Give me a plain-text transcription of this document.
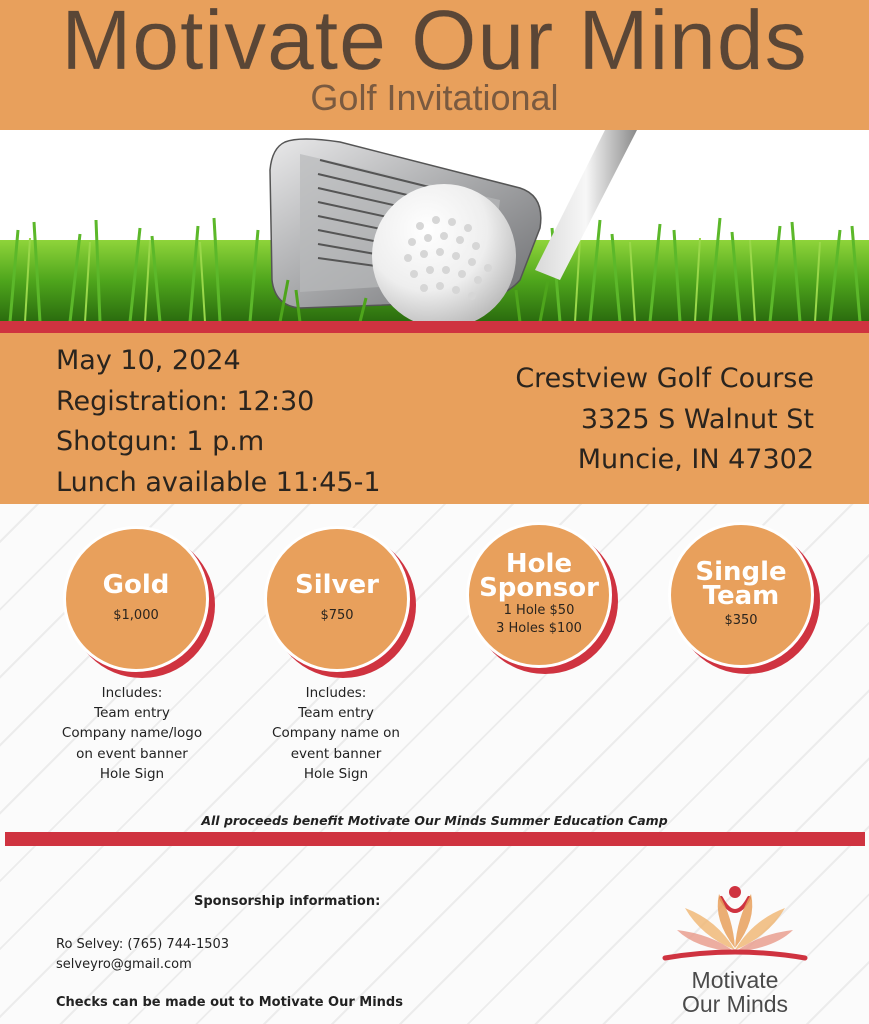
Motivate Our Minds
Golf Invitational
May 10, 2024
Registration: 12:30
Shotgun: 1 p.m
Lunch available 11:45-1
Crestview Golf Course
3325 S Walnut St
Muncie, IN 47302
Gold
$1,000
Silver
$750
Hole
Sponsor
1 Hole $50
3 Holes $100
Single
Team
$350
Includes:
Team entry
Company name/logo
on event banner
Hole Sign
Includes:
Team entry
Company name on
event banner
Hole Sign
All proceeds benefit Motivate Our Minds Summer Education Camp
Sponsorship information:
Ro Selvey: (765) 744-1503
selveyro@gmail.com
Checks can be made out to Motivate Our Minds
Motivate
Our Minds
